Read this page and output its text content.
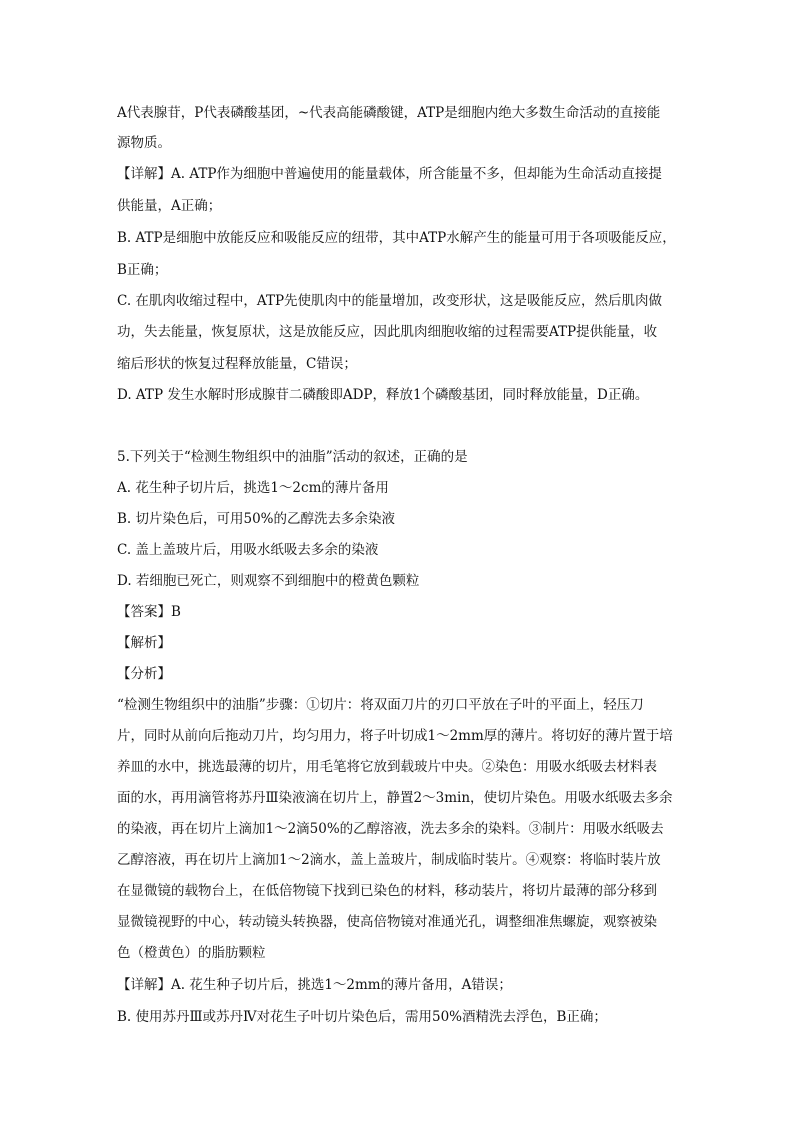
A代表腺苷，P代表磷酸基团，~代表高能磷酸键，ATP是细胞内绝大多数生命活动的直接能
源物质。
【详解】A. ATP作为细胞中普遍使用的能量载体，所含能量不多，但却能为生命活动直接提
供能量，A正确；
B. ATP是细胞中放能反应和吸能反应的纽带，其中ATP水解产生的能量可用于各项吸能反应，
B正确；
C. 在肌肉收缩过程中，ATP先使肌肉中的能量增加，改变形状，这是吸能反应，然后肌肉做
功，失去能量，恢复原状，这是放能反应，因此肌肉细胞收缩的过程需要ATP提供能量，收
缩后形状的恢复过程释放能量，C错误；
D. ATP 发生水解时形成腺苷二磷酸即ADP，释放1个磷酸基团，同时释放能量，D正确。
5.下列关于“检测生物组织中的油脂”活动的叙述，正确的是
A. 花生种子切片后，挑选1～2cm的薄片备用
B. 切片染色后，可用50%的乙醇洗去多余染液
C. 盖上盖玻片后，用吸水纸吸去多余的染液
D. 若细胞已死亡，则观察不到细胞中的橙黄色颗粒
【答案】B
【解析】
【分析】
“检测生物组织中的油脂”步骤：①切片：将双面刀片的刃口平放在子叶的平面上，轻压刀
片，同时从前向后拖动刀片，均匀用力，将子叶切成1～2mm厚的薄片。将切好的薄片置于培
养皿的水中，挑选最薄的切片，用毛笔将它放到载玻片中央。②染色：用吸水纸吸去材料表
面的水，再用滴管将苏丹Ⅲ染液滴在切片上，静置2～3min，使切片染色。用吸水纸吸去多余
的染液，再在切片上滴加1～2滴50%的乙醇溶液，洗去多余的染料。③制片：用吸水纸吸去
乙醇溶液，再在切片上滴加1～2滴水，盖上盖玻片，制成临时装片。④观察：将临时装片放
在显微镜的载物台上，在低倍物镜下找到已染色的材料，移动装片，将切片最薄的部分移到
显微镜视野的中心，转动镜头转换器，使高倍物镜对准通光孔，调整细准焦螺旋，观察被染
色（橙黄色）的脂肪颗粒
【详解】A. 花生种子切片后，挑选1～2mm的薄片备用，A错误；
B. 使用苏丹Ⅲ或苏丹Ⅳ对花生子叶切片染色后，需用50%酒精洗去浮色，B正确；
